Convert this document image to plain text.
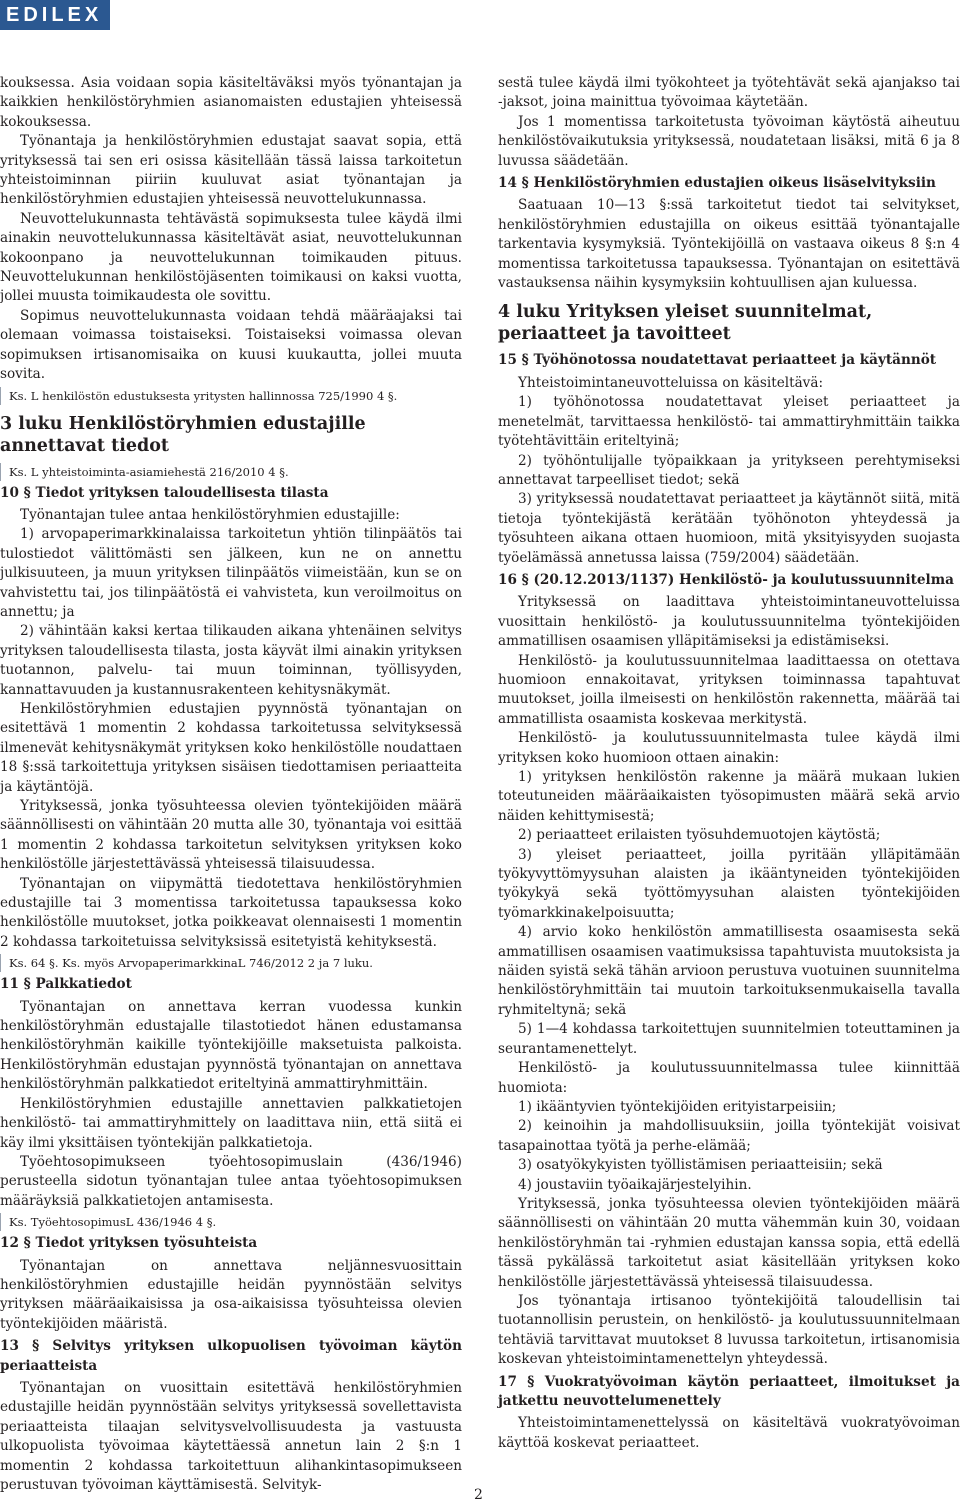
EDILEX

kouksessa. Asia voidaan sopia käsiteltäväksi myös työnantajan ja kaikkien henkilöstöryhmien asianomaisten edustajien yhteisessä kokouksessa.

Työnantaja ja henkilöstöryhmien edustajat saavat sopia, että yrityksessä tai sen eri osissa käsitellään tässä laissa tarkoitetun yhteistoiminnan piiriin kuuluvat asiat työnantajan ja henkilöstöryhmien edustajien yhteisessä neuvottelukunnassa.

Neuvottelukunnasta tehtävästä sopimuksesta tulee käydä ilmi ainakin neuvottelukunnassa käsiteltävät asiat, neuvottelukunnan kokoonpano ja neuvottelukunnan toimikauden pituus. Neuvottelukunnan henkilöstöjäsenten toimikausi on kaksi vuotta, jollei muusta toimikaudesta ole sovittu.

Sopimus neuvottelukunnasta voidaan tehdä määräajaksi tai olemaan voimassa toistaiseksi. Toistaiseksi voimassa olevan sopimuksen irtisanomisaika on kuusi kuukautta, jollei muuta sovita.

Ks. L henkilöstön edustuksesta yritysten hallinnossa 725/1990 4 §.

3 luku Henkilöstöryhmien edustajille annettavat tiedot

Ks. L yhteistoiminta-asiamiehestä 216/2010 4 §.

10 § Tiedot yrityksen taloudellisesta tilasta

Työnantajan tulee antaa henkilöstöryhmien edustajille:

1) arvopaperimarkkinalaissa tarkoitetun yhtiön tilinpäätös tai tulostiedot välittömästi sen jälkeen, kun ne on annettu julkisuuteen, ja muun yrityksen tilinpäätös viimeistään, kun se on vahvistettu tai, jos tilinpäätöstä ei vahvisteta, kun veroilmoitus on annettu; ja

2) vähintään kaksi kertaa tilikauden aikana yhtenäinen selvitys yrityksen taloudellisesta tilasta, josta käyvät ilmi ainakin yrityksen tuotannon, palvelu- tai muun toiminnan, työllisyyden, kannattavuuden ja kustannusrakenteen kehitysnäkymät.

Henkilöstöryhmien edustajien pyynnöstä työnantajan on esitettävä 1 momentin 2 kohdassa tarkoitetussa selvityksessä ilmenevät kehitysnäkymät yrityksen koko henkilöstölle noudattaen 18 §:ssä tarkoitettuja yrityksen sisäisen tiedottamisen periaatteita ja käytäntöjä.

Yrityksessä, jonka työsuhteessa olevien työntekijöiden määrä säännöllisesti on vähintään 20 mutta alle 30, työnantaja voi esittää 1 momentin 2 kohdassa tarkoitetun selvityksen yrityksen koko henkilöstölle järjestettävässä yhteisessä tilaisuudessa.

Työnantajan on viipymättä tiedotettava henkilöstöryhmien edustajille tai 3 momentissa tarkoitetussa tapauksessa koko henkilöstölle muutokset, jotka poikkeavat olennaisesti 1 momentin 2 kohdassa tarkoitetuissa selvityksissä esitetyistä kehityksestä.

Ks. 64 §. Ks. myös ArvopaperimarkkinaL 746/2012 2 ja 7 luku.

11 § Palkkatiedot

Työnantajan on annettava kerran vuodessa kunkin henkilöstöryhmän edustajalle tilastotiedot hänen edustamansa henkilöstöryhmän kaikille työntekijöille maksetuista palkoista. Henkilöstöryhmän edustajan pyynnöstä työnantajan on annettava henkilöstöryhmän palkkatiedot eriteltyinä ammattiryhmittäin.

Henkilöstöryhmien edustajille annettavien palkkatietojen henkilöstö- tai ammattiryhmittely on laadittava niin, että siitä ei käy ilmi yksittäisen työntekijän palkkatietoja.

Työehtosopimukseen työehtosopimuslain (436/1946) perusteella sidotun työnantajan tulee antaa työehtosopimuksen määräyksiä palkkatietojen antamisesta.

Ks. TyöehtosopimusL 436/1946 4 §.

12 § Tiedot yrityksen työsuhteista

Työnantajan on annettava neljännesvuosittain henkilöstöryhmien edustajille heidän pyynnöstään selvitys yrityksen määräaikaisissa ja osa-aikaisissa työsuhteissa olevien työntekijöiden määristä.

13 § Selvitys yrityksen ulkopuolisen työvoiman käytön periaatteista

Työnantajan on vuosittain esitettävä henkilöstöryhmien edustajille heidän pyynnöstään selvitys yrityksessä sovellettavista periaatteista tilaajan selvitysvelvollisuudesta ja vastuusta ulkopuolista työvoimaa käytettäessä annetun lain 2 §:n 1 momentin 2 kohdassa tarkoitettuun alihankintasopimukseen perustuvan työvoiman käyttämisestä. Selvityk-

sestä tulee käydä ilmi työkohteet ja työtehtävät sekä ajanjakso tai -jaksot, joina mainittua työvoimaa käytetään.

Jos 1 momentissa tarkoitetusta työvoiman käytöstä aiheutuu henkilöstövaikutuksia yrityksessä, noudatetaan lisäksi, mitä 6 ja 8 luvussa säädetään.

14 § Henkilöstöryhmien edustajien oikeus lisäselvityksiin

Saatuaan 10—13 §:ssä tarkoitetut tiedot tai selvitykset, henkilöstöryhmien edustajilla on oikeus esittää työnantajalle tarkentavia kysymyksiä. Työntekijöillä on vastaava oikeus 8 §:n 4 momentissa tarkoitetussa tapauksessa. Työnantajan on esitettävä vastauksensa näihin kysymyksiin kohtuullisen ajan kuluessa.

4 luku Yrityksen yleiset suunnitelmat, periaatteet ja tavoitteet

15 § Työhönotossa noudatettavat periaatteet ja käytännöt

Yhteistoimintaneuvotteluissa on käsiteltävä:

1) työhönotossa noudatettavat yleiset periaatteet ja menetelmät, tarvittaessa henkilöstö- tai ammattiryhmittäin taikka työtehtävittäin eriteltyinä;

2) työhöntulijalle työpaikkaan ja yritykseen perehtymiseksi annettavat tarpeelliset tiedot; sekä

3) yrityksessä noudatettavat periaatteet ja käytännöt siitä, mitä tietoja työntekijästä kerätään työhönoton yhteydessä ja työsuhteen aikana ottaen huomioon, mitä yksityisyyden suojasta työelämässä annetussa laissa (759/2004) säädetään.

16 § (20.12.2013/1137) Henkilöstö- ja koulutussuunnitelma

Yrityksessä on laadittava yhteistoimintaneuvotteluissa vuosittain henkilöstö- ja koulutussuunnitelma työntekijöiden ammatillisen osaamisen ylläpitämiseksi ja edistämiseksi.

Henkilöstö- ja koulutussuunnitelmaa laadittaessa on otettava huomioon ennakoitavat, yrityksen toiminnassa tapahtuvat muutokset, joilla ilmeisesti on henkilöstön rakennetta, määrää tai ammatillista osaamista koskevaa merkitystä.

Henkilöstö- ja koulutussuunnitelmasta tulee käydä ilmi yrityksen koko huomioon ottaen ainakin:

1) yrityksen henkilöstön rakenne ja määrä mukaan lukien toteutuneiden määräaikaisten työsopimusten määrä sekä arvio näiden kehittymisestä;

2) periaatteet erilaisten työsuhdemuotojen käytöstä;

3) yleiset periaatteet, joilla pyritään ylläpitämään työkyvyttömyysuhan alaisten ja ikääntyneiden työntekijöiden työkykyä sekä työttömyysuhan alaisten työntekijöiden työmarkkinakelpoisuutta;

4) arvio koko henkilöstön ammatillisesta osaamisesta sekä ammatillisen osaamisen vaatimuksissa tapahtuvista muutoksista ja näiden syistä sekä tähän arvioon perustuva vuotuinen suunnitelma henkilöstöryhmittäin tai muutoin tarkoituksenmukaisella tavalla ryhmiteltynä; sekä

5) 1—4 kohdassa tarkoitettujen suunnitelmien toteuttaminen ja seurantamenettelyt.

Henkilöstö- ja koulutussuunnitelmassa tulee kiinnittää huomiota:

1) ikääntyvien työntekijöiden erityistarpeisiin;

2) keinoihin ja mahdollisuuksiin, joilla työntekijät voisivat tasapainottaa työtä ja perhe-elämää;

3) osatyökykyisten työllistämisen periaatteisiin; sekä

4) joustaviin työaikajärjestelyihin.

Yrityksessä, jonka työsuhteessa olevien työntekijöiden määrä säännöllisesti on vähintään 20 mutta vähemmän kuin 30, voidaan henkilöstöryhmän tai -ryhmien edustajan kanssa sopia, että edellä tässä pykälässä tarkoitetut asiat käsitellään yrityksen koko henkilöstölle järjestettävässä yhteisessä tilaisuudessa.

Jos työnantaja irtisanoo työntekijöitä taloudellisin tai tuotannollisin perustein, on henkilöstö- ja koulutussuunnitelmaan tehtäviä tarvittavat muutokset 8 luvussa tarkoitetun, irtisanomisia koskevan yhteistoimintamenettelyn yhteydessä.

17 § Vuokratyövoiman käytön periaatteet, ilmoitukset ja jatkettu neuvottelumenettely

Yhteistoimintamenettelyssä on käsiteltävä vuokratyövoiman käyttöä koskevat periaatteet.

2
